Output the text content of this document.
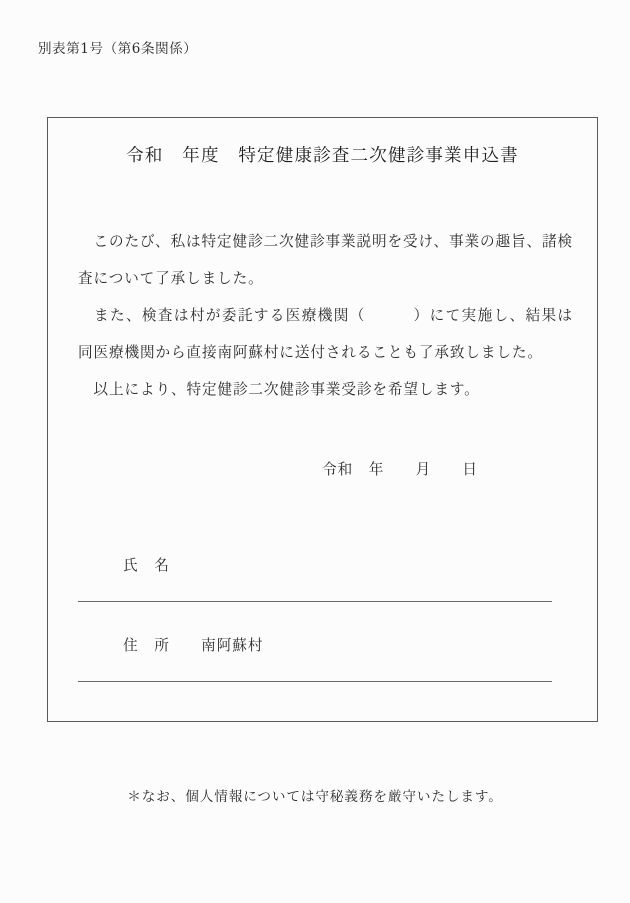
別表第1号（第6条関係）
令和　年度　特定健康診査二次健診事業申込書

　このたび、私は特定健診二次健診事業説明を受け、事業の趣旨、諸検査について了承しました。

　また、検査は村が委託する医療機関（　　　）にて実施し、結果は同医療機関から直接南阿蘇村に送付されることも了承致しました。

　以上により、特定健診二次健診事業受診を希望します。

令和　年　　月　　日

氏　名

住　所　　南阿蘇村

＊なお、個人情報については守秘義務を厳守いたします。
